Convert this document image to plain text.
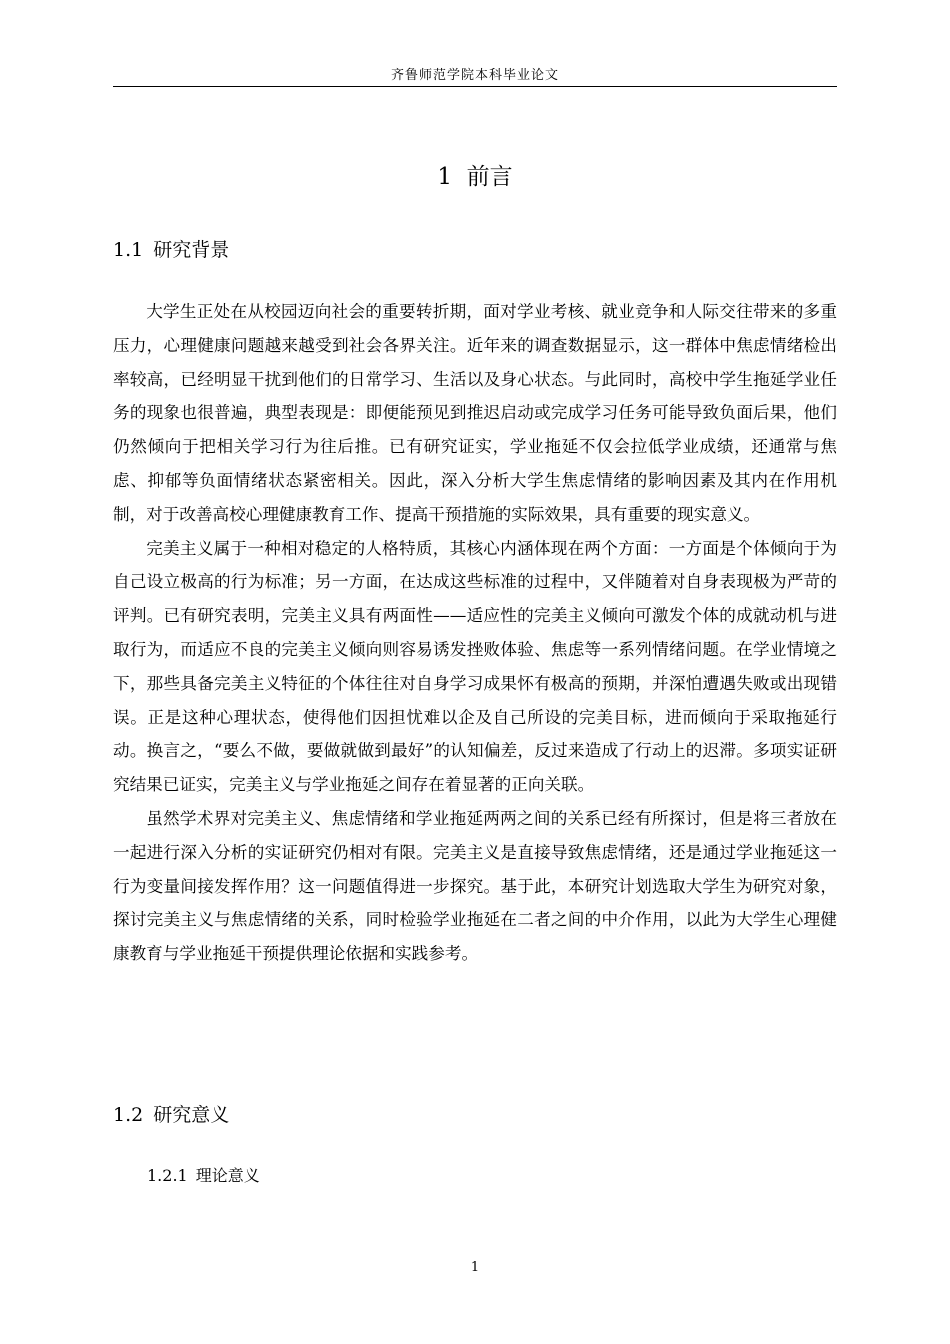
齐鲁师范学院本科毕业论文
1 前言
1.1 研究背景

大学生正处在从校园迈向社会的重要转折期，面对学业考核、就业竞争和人际交往带来的多重压力，心理健康问题越来越受到社会各界关注。近年来的调查数据显示，这一群体中焦虑情绪检出率较高，已经明显干扰到他们的日常学习、生活以及身心状态。与此同时，高校中学生拖延学业任务的现象也很普遍，典型表现是：即便能预见到推迟启动或完成学习任务可能导致负面后果，他们仍然倾向于把相关学习行为往后推。已有研究证实，学业拖延不仅会拉低学业成绩，还通常与焦虑、抑郁等负面情绪状态紧密相关。因此，深入分析大学生焦虑情绪的影响因素及其内在作用机制，对于改善高校心理健康教育工作、提高干预措施的实际效果，具有重要的现实意义。

完美主义属于一种相对稳定的人格特质，其核心内涵体现在两个方面：一方面是个体倾向于为自己设立极高的行为标准；另一方面，在达成这些标准的过程中，又伴随着对自身表现极为严苛的评判。已有研究表明，完美主义具有两面性——适应性的完美主义倾向可激发个体的成就动机与进取行为，而适应不良的完美主义倾向则容易诱发挫败体验、焦虑等一系列情绪问题。在学业情境之下，那些具备完美主义特征的个体往往对自身学习成果怀有极高的预期，并深怕遭遇失败或出现错误。正是这种心理状态，使得他们因担忧难以企及自己所设的完美目标，进而倾向于采取拖延行动。换言之，“要么不做，要做就做到最好”的认知偏差，反过来造成了行动上的迟滞。多项实证研究结果已证实，完美主义与学业拖延之间存在着显著的正向关联。

虽然学术界对完美主义、焦虑情绪和学业拖延两两之间的关系已经有所探讨，但是将三者放在一起进行深入分析的实证研究仍相对有限。完美主义是直接导致焦虑情绪，还是通过学业拖延这一行为变量间接发挥作用？这一问题值得进一步探究。基于此，本研究计划选取大学生为研究对象，探讨完美主义与焦虑情绪的关系，同时检验学业拖延在二者之间的中介作用，以此为大学生心理健康教育与学业拖延干预提供理论依据和实践参考。

1.2 研究意义
1.2.1 理论意义
1
